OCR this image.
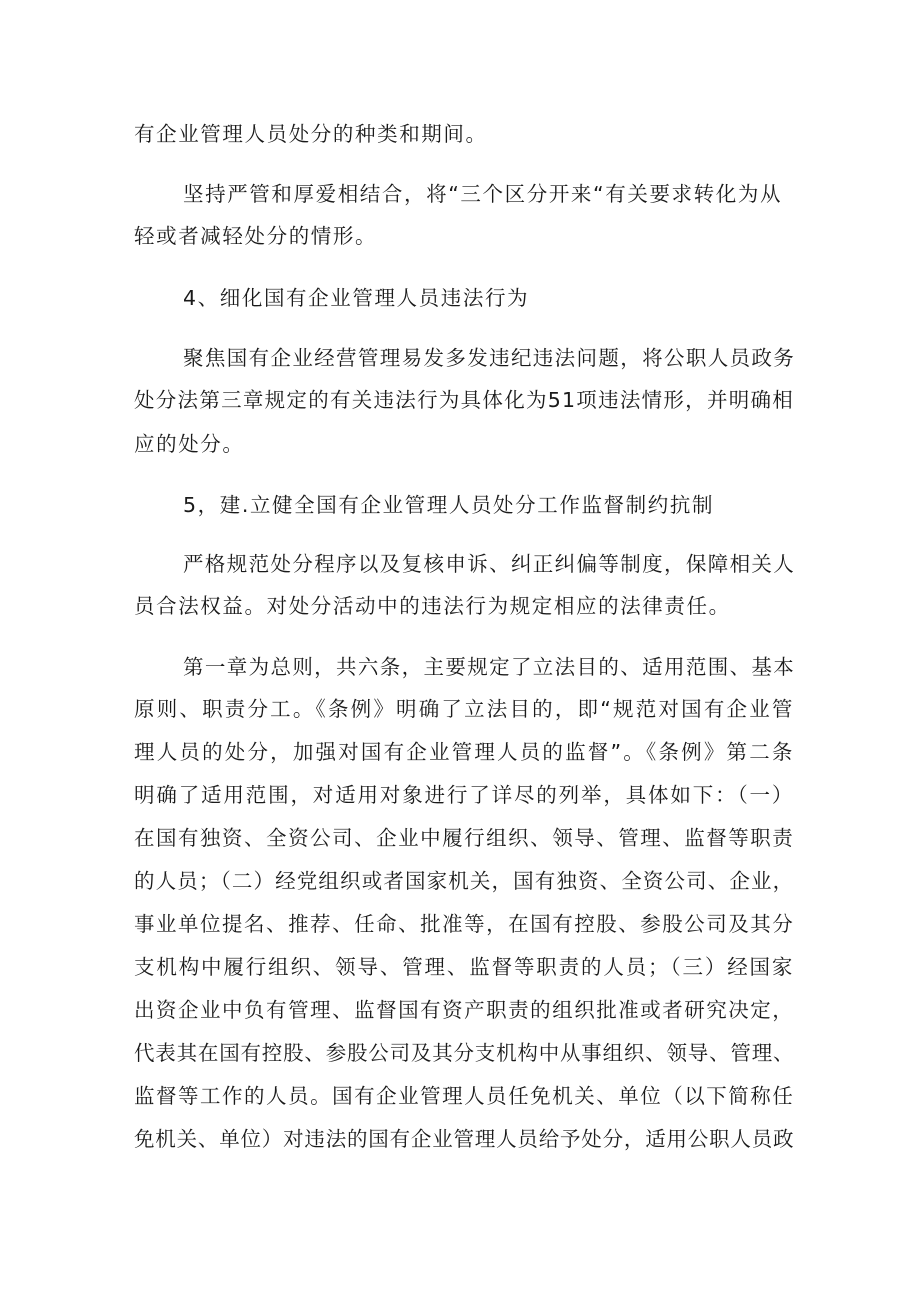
有企业管理人员处分的种类和期间。
坚持严管和厚爱相结合，将“三个区分开来“有关要求转化为从
轻或者减轻处分的情形。
4、细化国有企业管理人员违法行为
聚焦国有企业经营管理易发多发违纪违法问题，将公职人员政务
处分法第三章规定的有关违法行为具体化为51项违法情形，并明确相
应的处分。
5，建.立健全国有企业管理人员处分工作监督制约抗制
严格规范处分程序以及复核申诉、纠正纠偏等制度，保障相关人
员合法权益。对处分活动中的违法行为规定相应的法律责任。
第一章为总则，共六条，主要规定了立法目的、适用范围、基本
原则、职责分工。《条例》明确了立法目的，即“规范对国有企业管
理人员的处分，加强对国有企业管理人员的监督”。《条例》第二条
明确了适用范围，对适用对象进行了详尽的列举，具体如下：（一）
在国有独资、全资公司、企业中履行组织、领导、管理、监督等职责
的人员；（二）经党组织或者国家机关，国有独资、全资公司、企业，
事业单位提名、推荐、任命、批准等，在国有控股、参股公司及其分
支机构中履行组织、领导、管理、监督等职责的人员；（三）经国家
出资企业中负有管理、监督国有资产职责的组织批准或者研究决定，
代表其在国有控股、参股公司及其分支机构中从事组织、领导、管理、
监督等工作的人员。国有企业管理人员任免机关、单位（以下简称任
免机关、单位）对违法的国有企业管理人员给予处分，适用公职人员政
